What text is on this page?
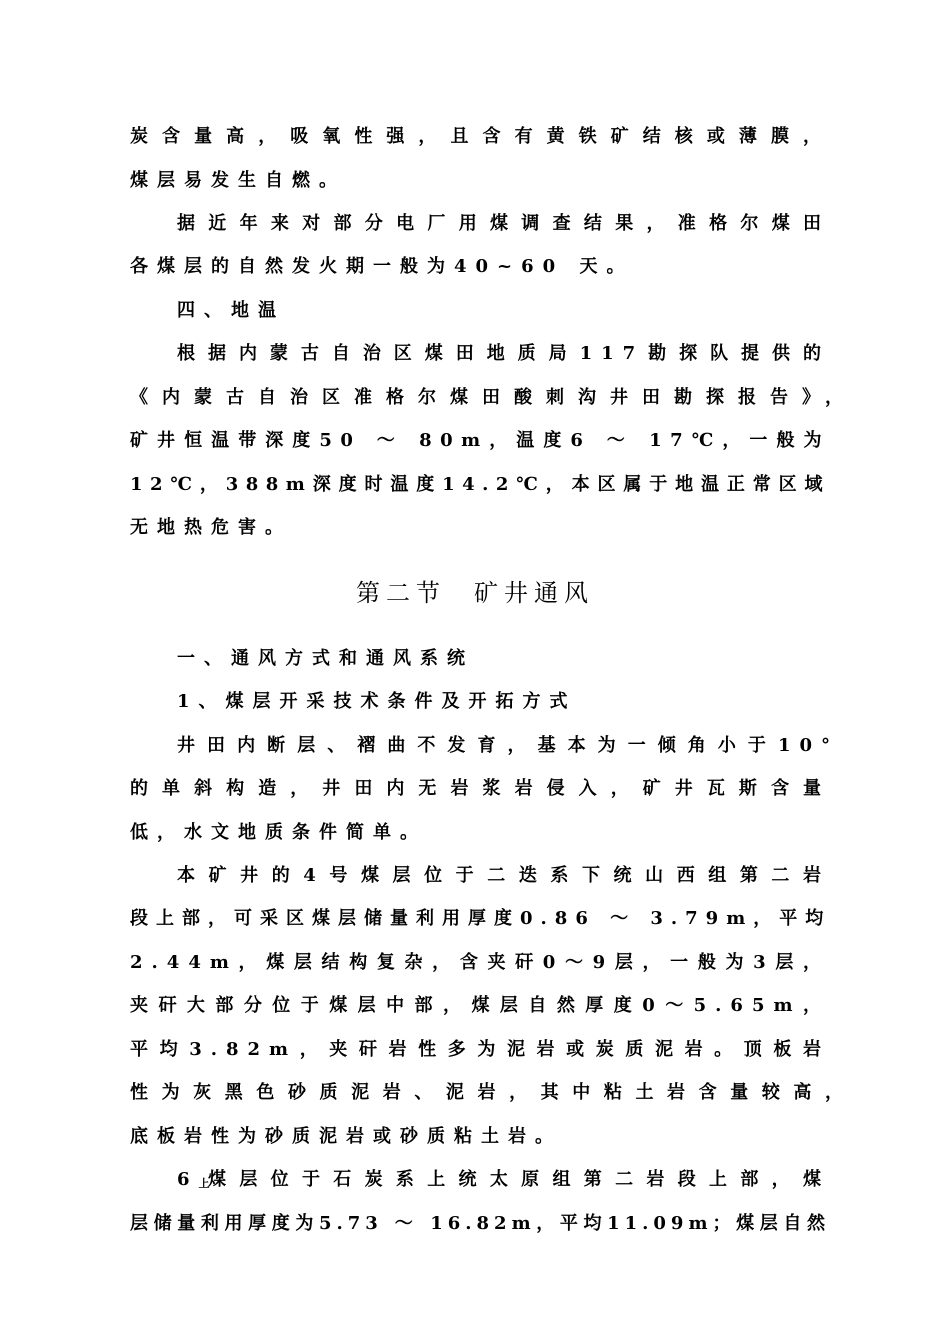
炭含量高，吸氧性强，且含有黄铁矿结核或薄膜，
煤层易发生自燃。
据近年来对部分电厂用煤调查结果，准格尔煤田
各煤层的自然发火期一般为40~60 天。
四、地温
根据内蒙古自治区煤田地质局117勘探队提供的
《内蒙古自治区准格尔煤田酸刺沟井田勘探报告》，
矿井恒温带深度50 ～ 80m，温度6 ～ 17℃，一般为
12℃，388m深度时温度14.2℃，本区属于地温正常区域
无地热危害。
第二节 矿井通风
一、通风方式和通风系统
1、煤层开采技术条件及开拓方式
井田内断层、褶曲不发育，基本为一倾角小于10°
的单斜构造，井田内无岩浆岩侵入，矿井瓦斯含量
低，水文地质条件简单。
本矿井的4号煤层位于二迭系下统山西组第二岩
段上部，可采区煤层储量利用厚度0.86 ～ 3.79m，平均
2.44m，煤层结构复杂，含夹矸0～9层，一般为3层，
夹矸大部分位于煤层中部，煤层自然厚度0～5.65m，
平均3.82m，夹矸岩性多为泥岩或炭质泥岩。顶板岩
性为灰黑色砂质泥岩、泥岩，其中粘土岩含量较高，
底板岩性为砂质泥岩或砂质粘土岩。
$6_上$
煤层位于石炭系上统太原组第二岩段上部，煤
层储量利用厚度为5.73 ～ 16.82m，平均11.09m；煤层自然
